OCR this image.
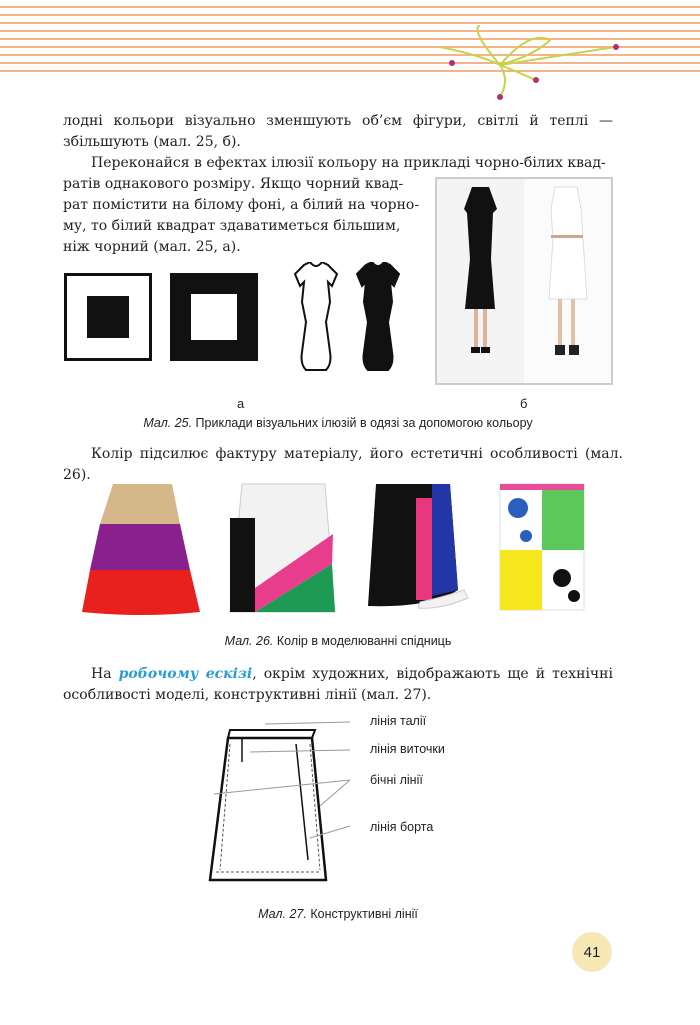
лодні кольори візуально зменшують об’єм фігури, світлі й теплі — збільшують (мал. 25, б).

Переконайся в ефектах ілюзії кольору на прикладі чорно-білих квад-

ратів однакового розміру. Якщо чорний квад-

рат помістити на білому фоні, а білий на чорно-

му, то білий квадрат здаватиметься більшим,

ніж чорний (мал. 25, а).

а	б
Мал. 25. Приклади візуальних ілюзій в одязі за допомогою кольору

Колір підсилює фактуру матеріалу, його естетичні особливості (мал. 26).

Мал. 26. Колір в моделюванні спідниць

На робочому ескізі, окрім художних, відображають ще й технічні особливості моделі, конструктивні лінії (мал. 27).

лінія талії
лінія виточки
бічні лінії
лінія борта
Мал. 27. Конструктивні лінії
41
